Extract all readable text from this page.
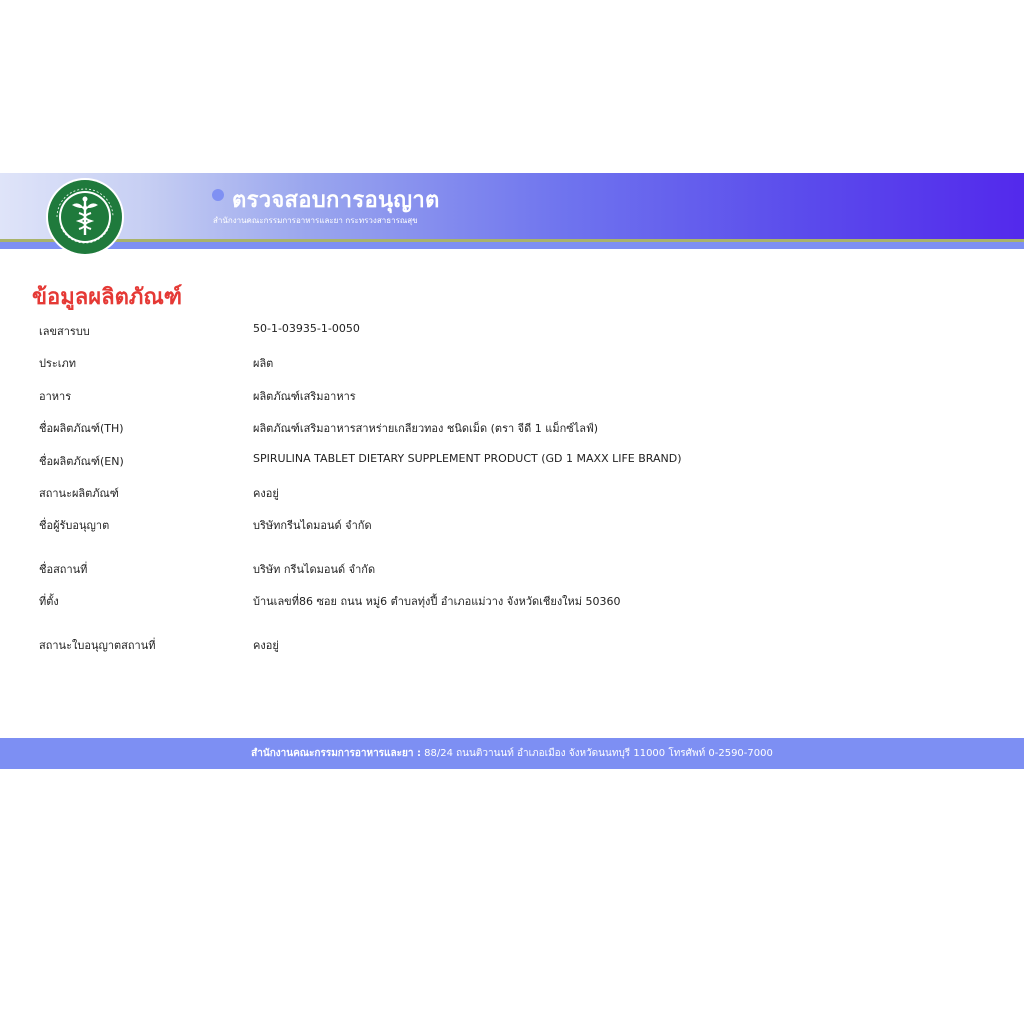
ตรวจสอบการอนุญาต
สำนักงานคณะกรรมการอาหารและยา กระทรวงสาธารณสุข
ข้อมูลผลิตภัณฑ์
เลขสารบบ	50-1-03935-1-0050
ประเภท	ผลิต
อาหาร	ผลิตภัณฑ์เสริมอาหาร
ชื่อผลิตภัณฑ์(TH)	ผลิตภัณฑ์เสริมอาหารสาหร่ายเกลียวทอง ชนิดเม็ด (ตรา จีดี 1 แม็กซ์ไลฟ์)
ชื่อผลิตภัณฑ์(EN)	SPIRULINA TABLET DIETARY SUPPLEMENT PRODUCT (GD 1 MAXX LIFE BRAND)
สถานะผลิตภัณฑ์	คงอยู่
ชื่อผู้รับอนุญาต	บริษัทกรีนไดมอนด์ จำกัด
ชื่อสถานที่	บริษัท กรีนไดมอนด์ จำกัด
ที่ตั้ง	บ้านเลขที่86 ซอย ถนน หมู่6 ตำบลทุ่งปี้ อำเภอแม่วาง จังหวัดเชียงใหม่ 50360
สถานะใบอนุญาตสถานที่	คงอยู่
สำนักงานคณะกรรมการอาหารและยา : 88/24 ถนนติวานนท์ อำเภอเมือง จังหวัดนนทบุรี 11000 โทรศัพท์ 0-2590-7000
